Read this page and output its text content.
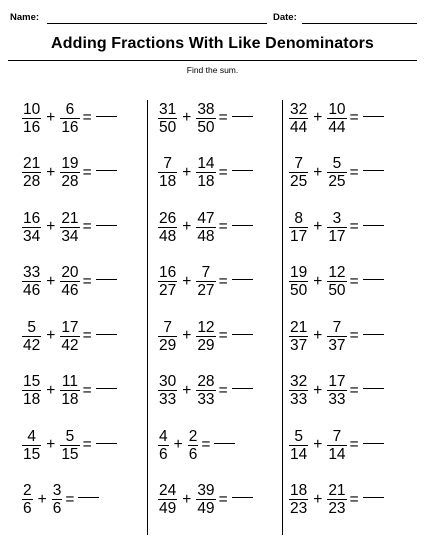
Name:	Date:
Adding Fractions With Like Denominators
Find the sum.
$\frac{10}{16} + \frac{6}{16}$ =
$\frac{21}{28} + \frac{19}{28}$ =
$\frac{16}{34} + \frac{21}{34}$ =
$\frac{33}{46} + \frac{20}{46}$ =
$\frac{5}{42} + \frac{17}{42}$ =
$\frac{15}{18} + \frac{11}{18}$ =
$\frac{4}{15} + \frac{5}{15}$ =
$\frac{2}{6} + \frac{3}{6}$ =
$\frac{31}{50} + \frac{38}{50}$ =
$\frac{7}{18} + \frac{14}{18}$ =
$\frac{26}{48} + \frac{47}{48}$ =
$\frac{16}{27} + \frac{7}{27}$ =
$\frac{7}{29} + \frac{12}{29}$ =
$\frac{30}{33} + \frac{28}{33}$ =
$\frac{4}{6} + \frac{2}{6}$ =
$\frac{24}{49} + \frac{39}{49}$ =
$\frac{32}{44} + \frac{10}{44}$ =
$\frac{7}{25} + \frac{5}{25}$ =
$\frac{8}{17} + \frac{3}{17}$ =
$\frac{19}{50} + \frac{12}{50}$ =
$\frac{21}{37} + \frac{7}{37}$ =
$\frac{32}{33} + \frac{17}{33}$ =
$\frac{5}{14} + \frac{7}{14}$ =
$\frac{18}{23} + \frac{21}{23}$ =
